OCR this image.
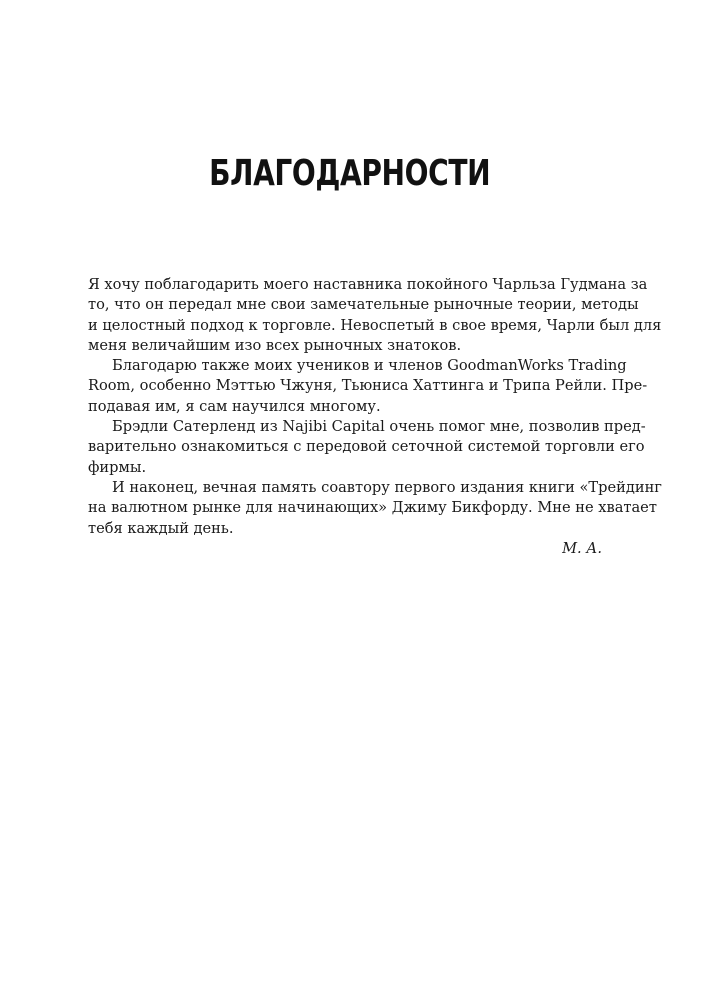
БЛАГОДАРНОСТИ
Я хочу поблагодарить моего наставника покойного Чарльза Гудмана за
то, что он передал мне свои замечательные рыночные теории, методы
и целостный подход к торговле. Невоспетый в свое время, Чарли был для
меня величайшим изо всех рыночных знатоков.
Благодарю также моих учеников и членов GoodmanWorks Trading
Room, особенно Мэттью Чжуня, Тьюниса Хаттинга и Трипа Рейли. Пре-
подавая им, я сам научился многому.
Брэдли Сатерленд из Najibi Capital очень помог мне, позволив пред-
варительно ознакомиться с передовой сеточной системой торговли его
фирмы.
И наконец, вечная память соавтору первого издания книги «Трейдинг
на валютном рынке для начинающих» Джиму Бикфорду. Мне не хватает
тебя каждый день.
М. А.
